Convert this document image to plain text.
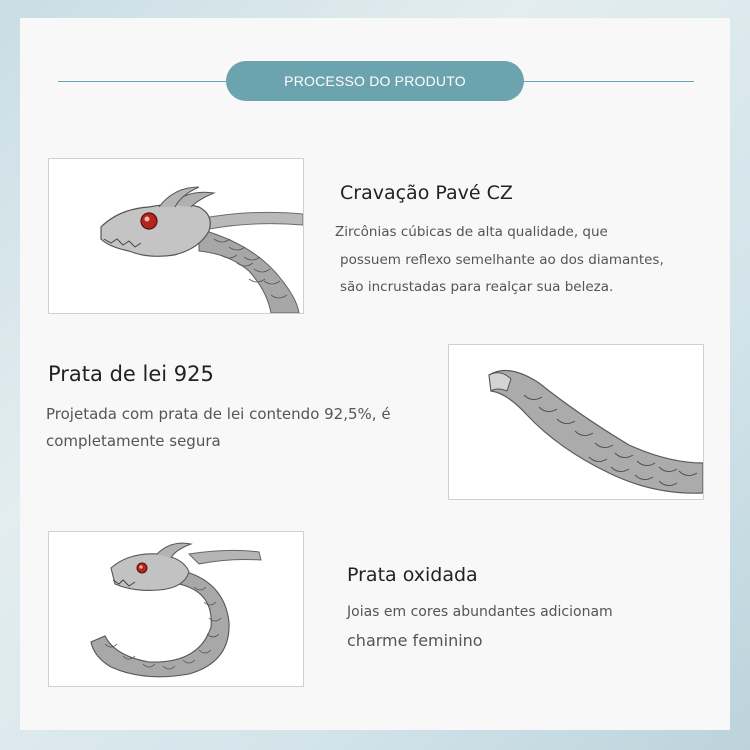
PROCESSO DO PRODUTO
Cravação Pavé CZ
Zircônias cúbicas de alta qualidade, que
possuem reflexo semelhante ao dos diamantes,
são incrustadas para realçar sua beleza.
Prata de lei 925
Projetada com prata de lei contendo 92,5%, é
completamente segura
Prata oxidada
Joias em cores abundantes adicionam
charme feminino
